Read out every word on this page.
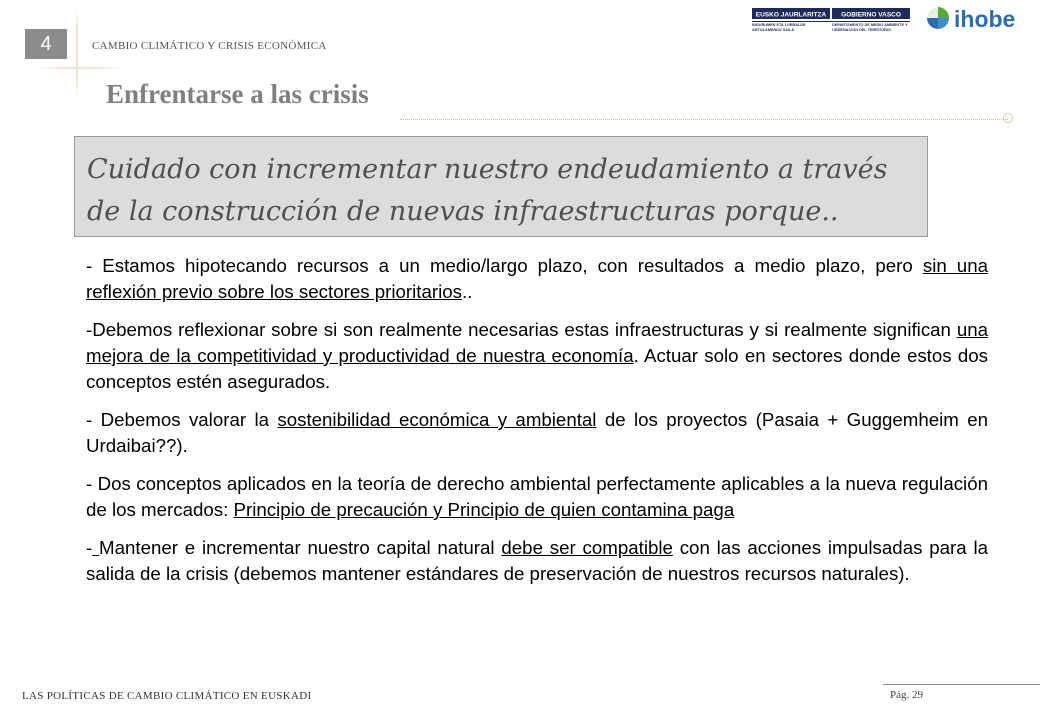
4	CAMBIO CLIMÁTICO Y CRISIS ECONÓMICA
EUSKO JAURLARITZA GOBIERNO VASCO
INGURUMEN ETA LURRALDE ANTOLAMENDU SAILA
DEPARTAMENTO DE MEDIO AMBIENTE Y ORDENACIÓN DEL TERRITORIO	ihobe
Enfrentarse a las crisis
Cuidado con incrementar nuestro endeudamiento a través
de la construcción de nuevas infraestructuras porque..

- Estamos hipotecando recursos a un medio/largo plazo, con resultados a medio plazo, pero sin una reflexión previo sobre los sectores prioritarios..

-Debemos reflexionar sobre si son realmente necesarias estas infraestructuras y si realmente significan una mejora de la competitividad y productividad de nuestra economía. Actuar solo en sectores donde estos dos conceptos estén asegurados.

- Debemos valorar la sostenibilidad económica y ambiental de los proyectos (Pasaia + Guggemheim en Urdaibai??).

- Dos conceptos aplicados en la teoría de derecho ambiental perfectamente aplicables a la nueva regulación de los mercados: Principio de precaución y Principio de quien contamina paga

- Mantener e incrementar nuestro capital natural debe ser compatible con las acciones impulsadas para la salida de la crisis (debemos mantener estándares de preservación de nuestros recursos naturales).

LAS POLÍTICAS DE CAMBIO CLIMÁTICO EN EUSKADI	Pág. 29
